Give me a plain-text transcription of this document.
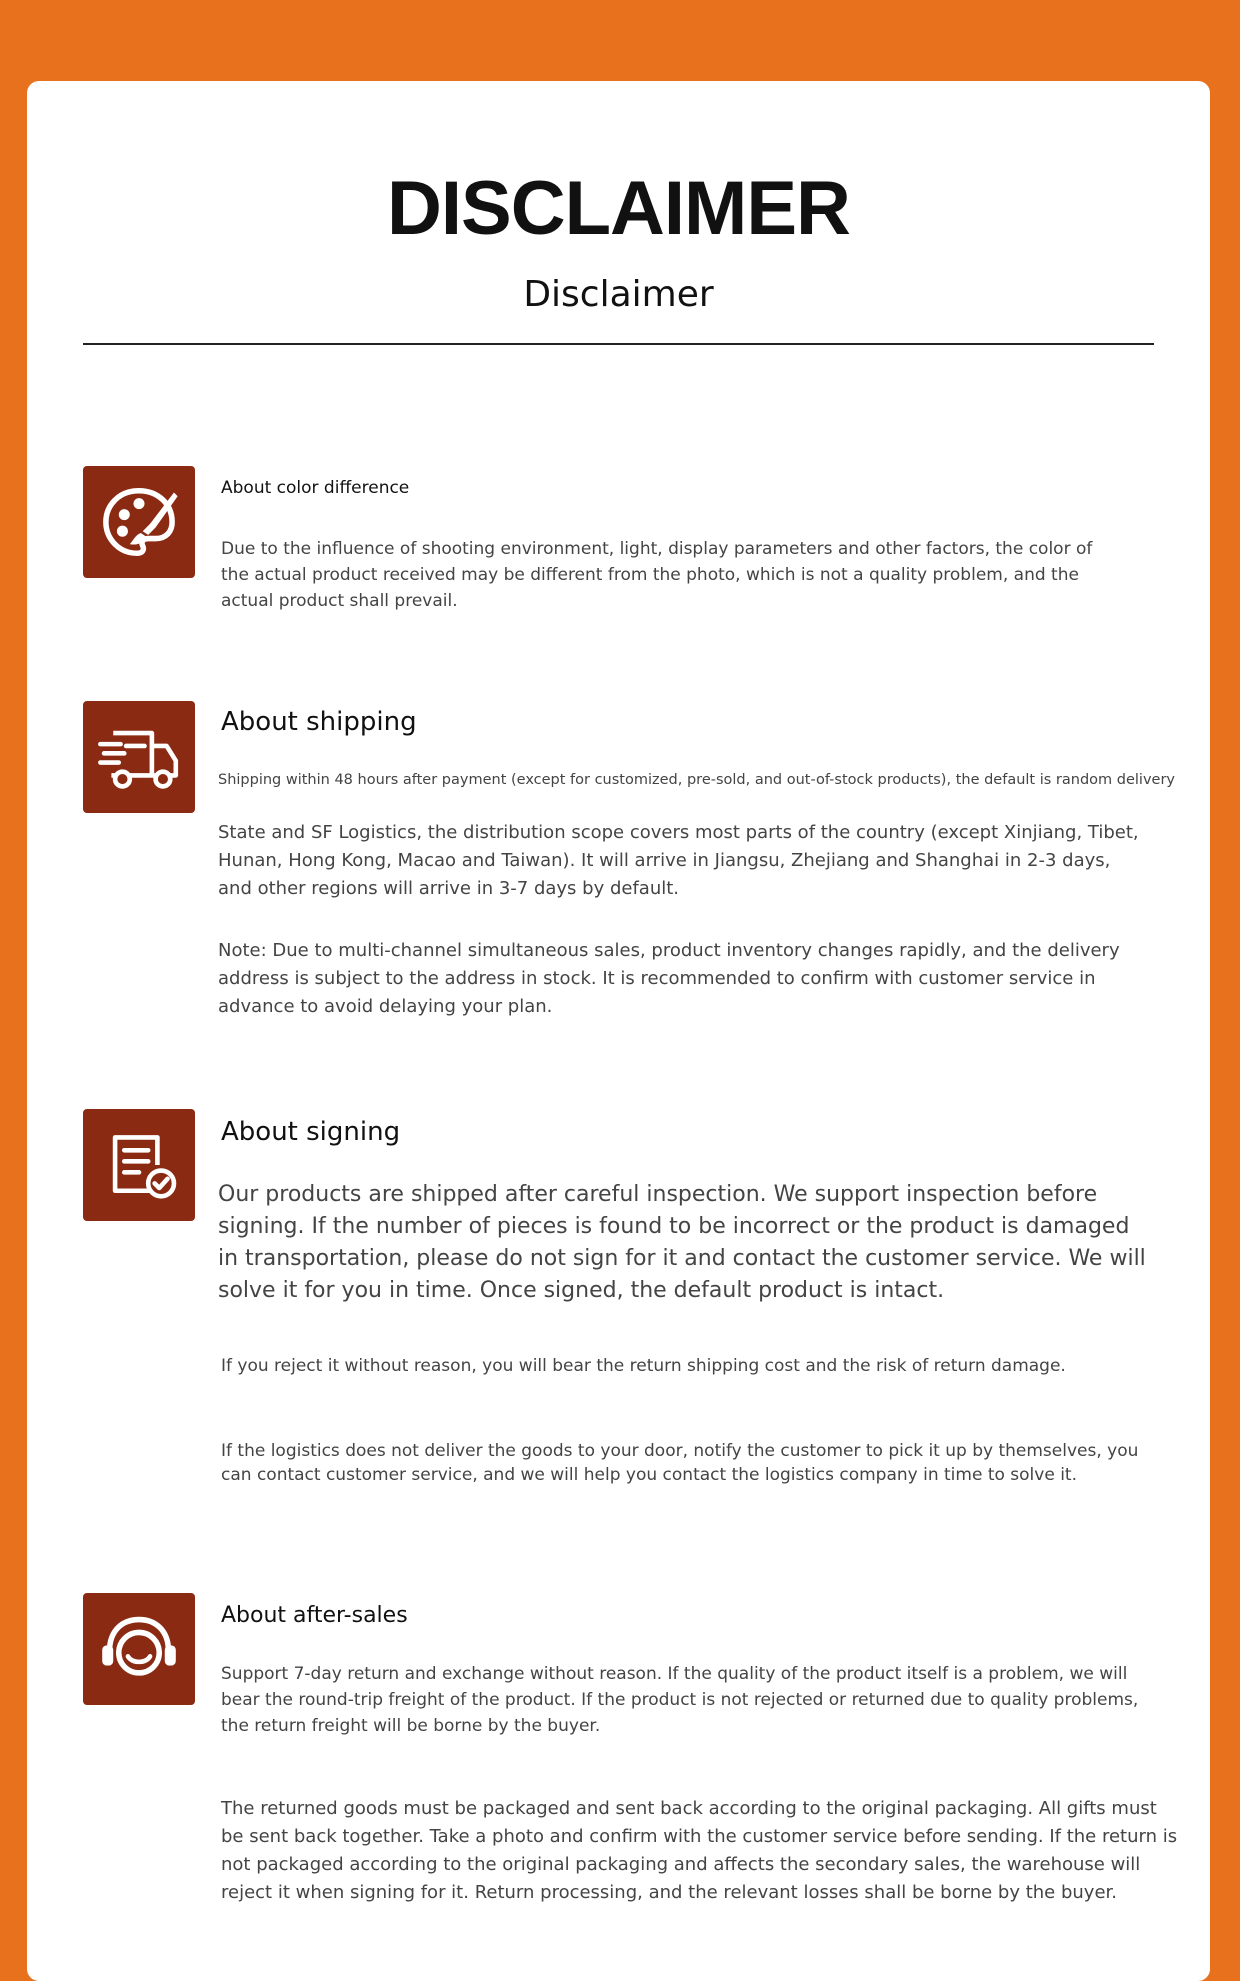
DISCLAIMER
Disclaimer
About color difference
Due to the influence of shooting environment, light, display parameters and other factors, the color of the actual product received may be different from the photo, which is not a quality problem, and the actual product shall prevail.
About shipping
Shipping within 48 hours after payment (except for customized, pre-sold, and out-of-stock products), the default is random delivery
State and SF Logistics, the distribution scope covers most parts of the country (except Xinjiang, Tibet, Hunan, Hong Kong, Macao and Taiwan). It will arrive in Jiangsu, Zhejiang and Shanghai in 2-3 days, and other regions will arrive in 3-7 days by default.
Note: Due to multi-channel simultaneous sales, product inventory changes rapidly, and the delivery address is subject to the address in stock. It is recommended to confirm with customer service in advance to avoid delaying your plan.
About signing
Our products are shipped after careful inspection. We support inspection before signing. If the number of pieces is found to be incorrect or the product is damaged in transportation, please do not sign for it and contact the customer service. We will solve it for you in time. Once signed, the default product is intact.
If you reject it without reason, you will bear the return shipping cost and the risk of return damage.
If the logistics does not deliver the goods to your door, notify the customer to pick it up by themselves, you can contact customer service, and we will help you contact the logistics company in time to solve it.
About after-sales
Support 7-day return and exchange without reason. If the quality of the product itself is a problem, we will bear the round-trip freight of the product. If the product is not rejected or returned due to quality problems, the return freight will be borne by the buyer.
The returned goods must be packaged and sent back according to the original packaging. All gifts must be sent back together. Take a photo and confirm with the customer service before sending. If the return is not packaged according to the original packaging and affects the secondary sales, the warehouse will reject it when signing for it. Return processing, and the relevant losses shall be borne by the buyer.
